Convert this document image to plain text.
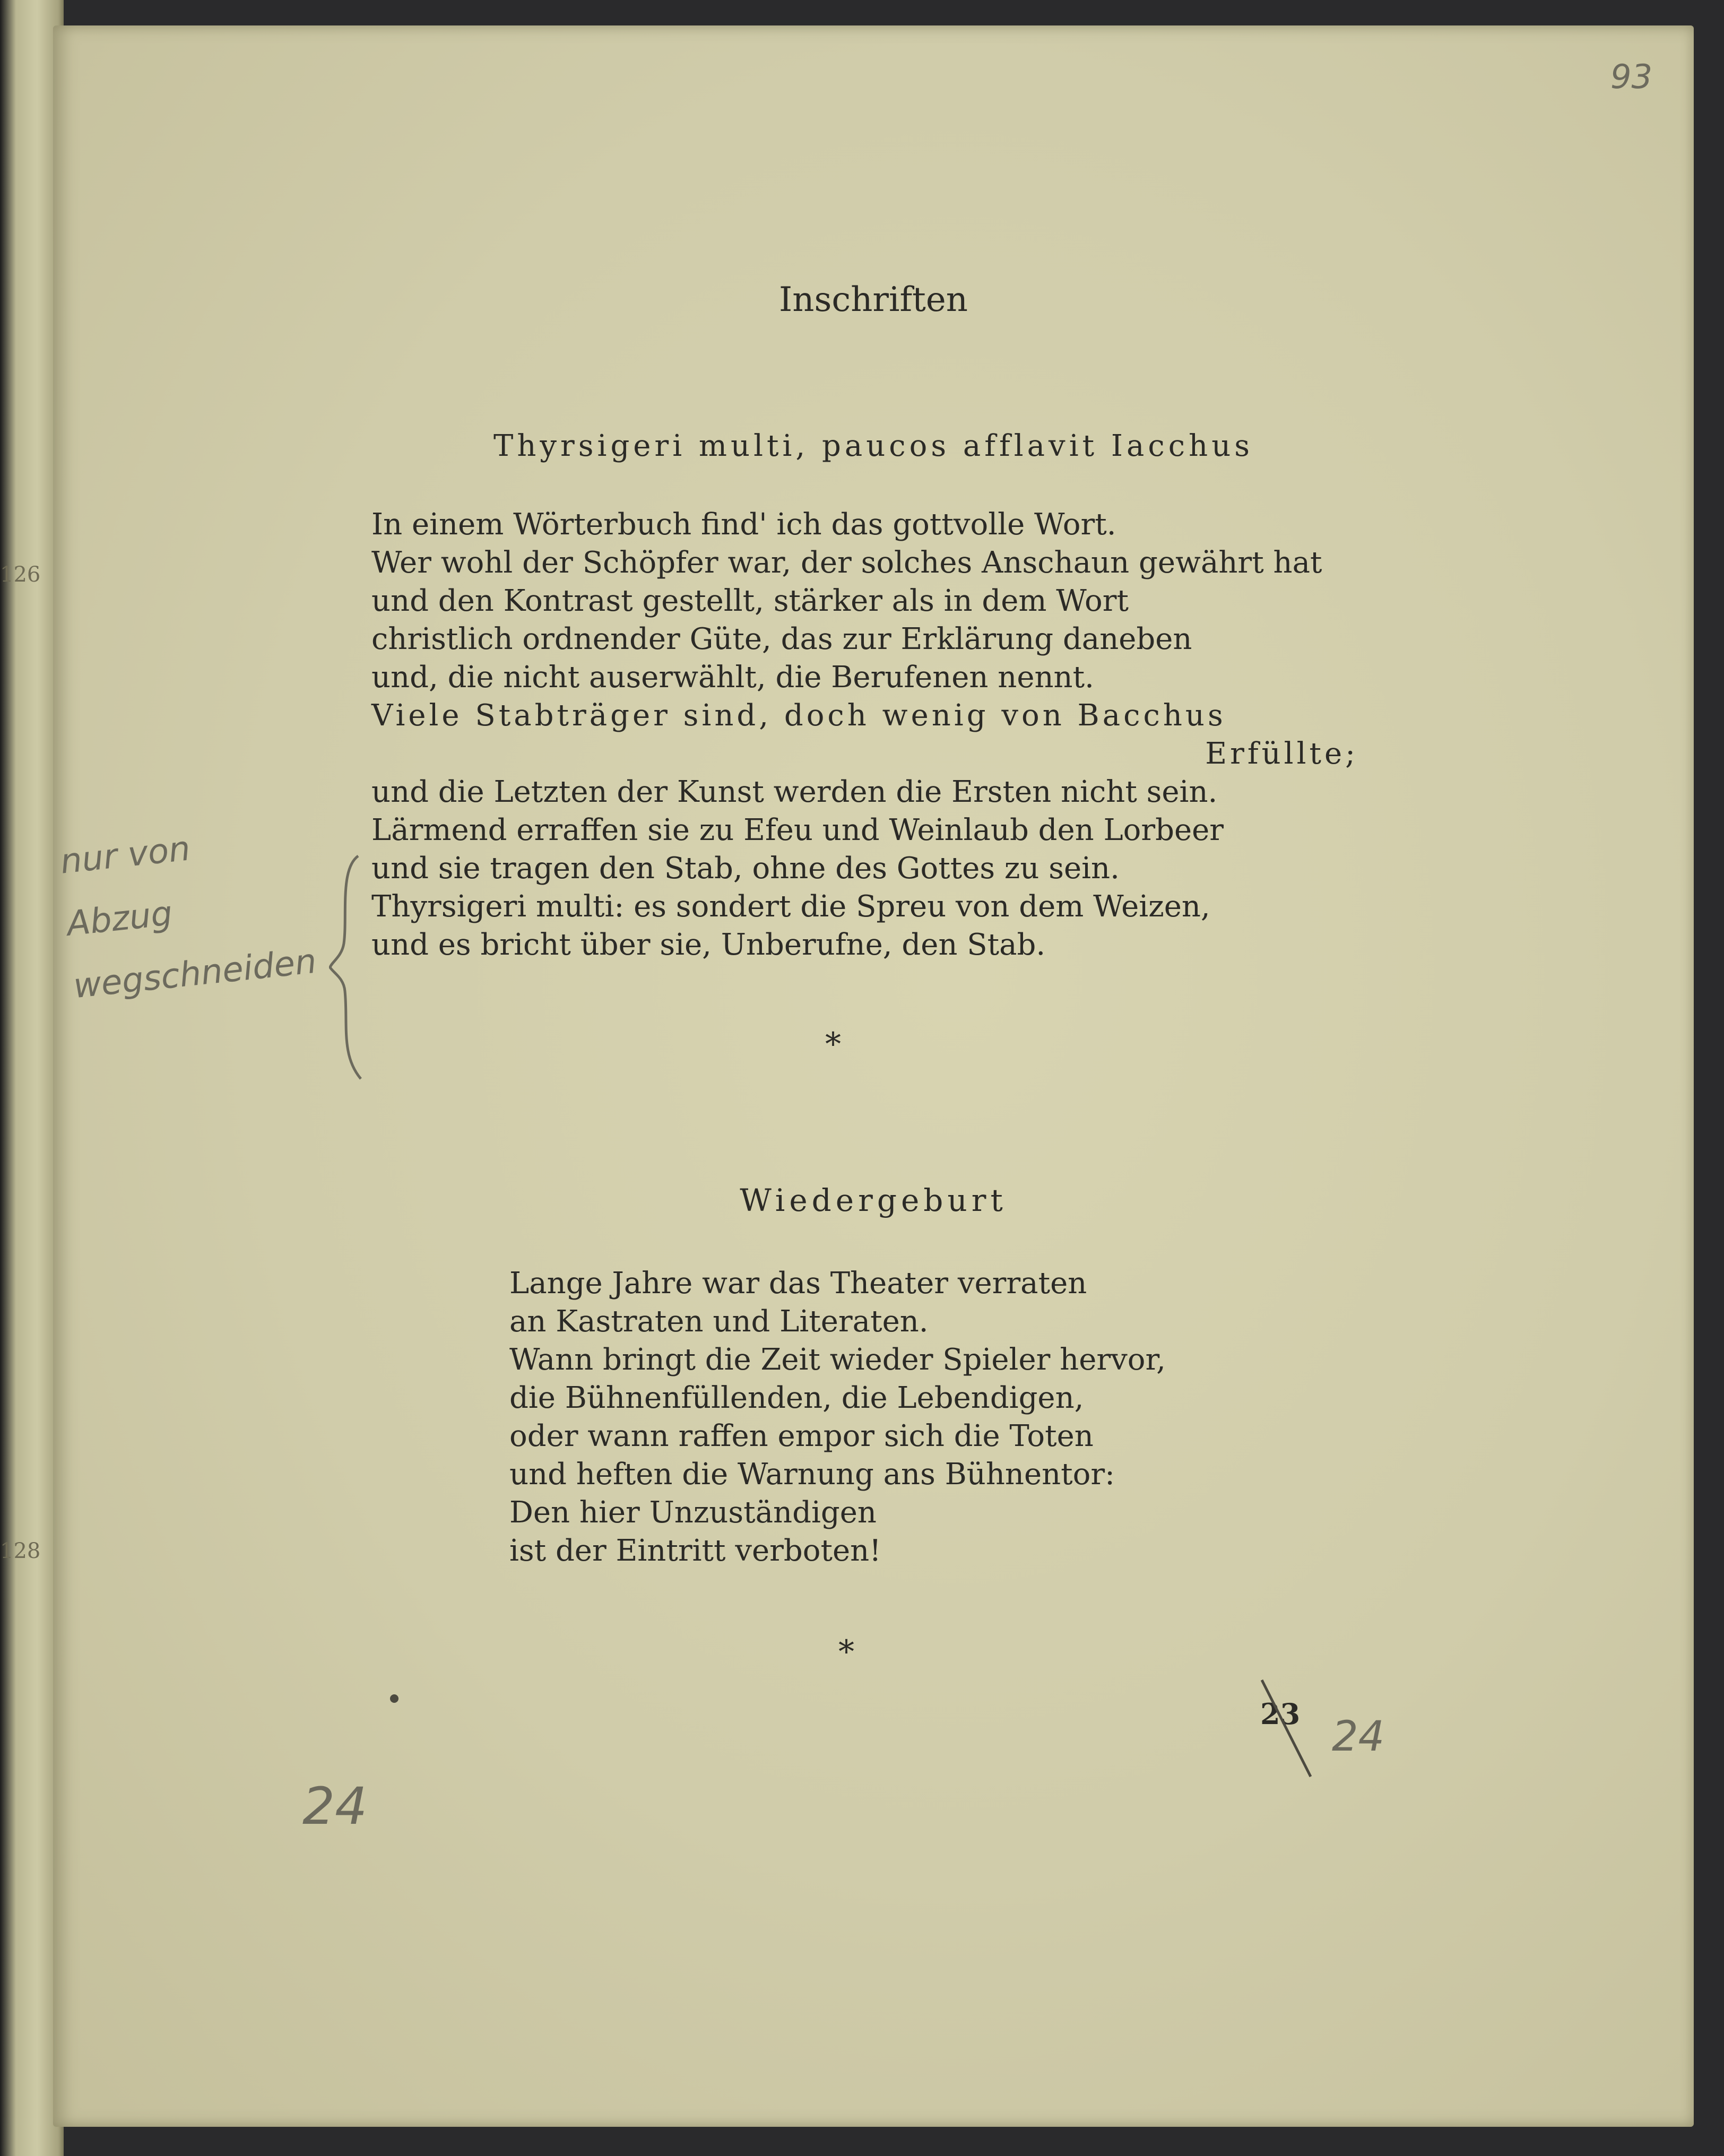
126
128
93
Inschriften
Thyrsigeri multi, paucos afflavit Iacchus
In einem Wörterbuch find' ich das gottvolle Wort.
Wer wohl der Schöpfer war, der solches Anschaun gewährt hat
und den Kontrast gestellt, stärker als in dem Wort
christlich ordnender Güte, das zur Erklärung daneben
und, die nicht auserwählt, die Berufenen nennt.
Viele Stabträger sind, doch wenig von Bacchus
Erfüllte;
und die Letzten der Kunst werden die Ersten nicht sein.
Lärmend erraffen sie zu Efeu und Weinlaub den Lorbeer
und sie tragen den Stab, ohne des Gottes zu sein.
Thyrsigeri multi: es sondert die Spreu von dem Weizen,
und es bricht über sie, Unberufne, den Stab.
nur von
Abzug
wegschneiden
*
Wiedergeburt
Lange Jahre war das Theater verraten
an Kastraten und Literaten.
Wann bringt die Zeit wieder Spieler hervor,
die Bühnenfüllenden, die Lebendigen,
oder wann raffen empor sich die Toten
und heften die Warnung ans Bühnentor:
Den hier Unzuständigen
ist der Eintritt verboten!
*
23 24
24
